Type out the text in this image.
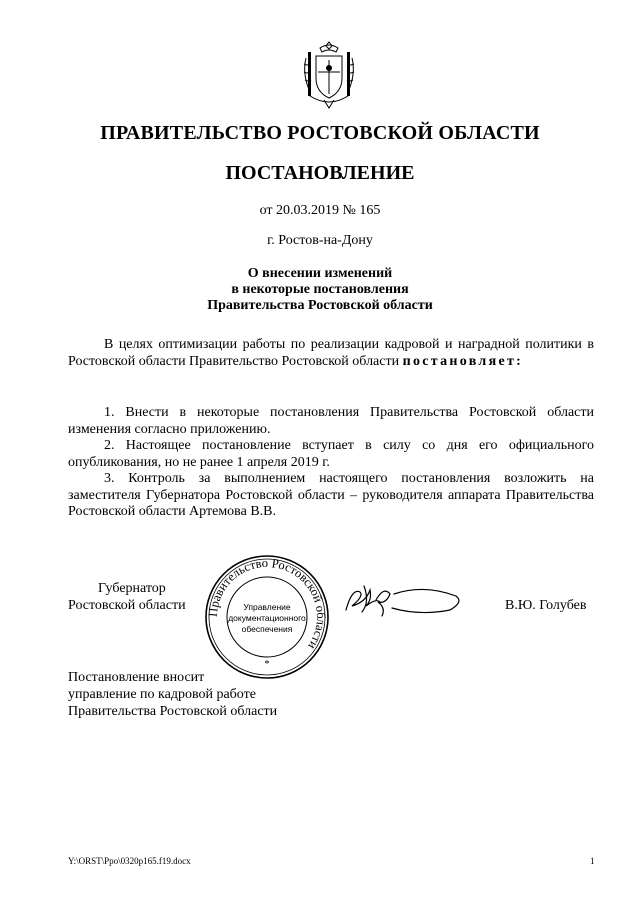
ПРАВИТЕЛЬСТВО РОСТОВСКОЙ ОБЛАСТИ
ПОСТАНОВЛЕНИЕ
от 20.03.2019 № 165
г. Ростов-на-Дону
О внесении изменений
в некоторые постановления
Правительства Ростовской области
В целях оптимизации работы по реализации кадровой и наградной политики в Ростовской области Правительство Ростовской области постановляет:

1. Внести в некоторые постановления Правительства Ростовской области изменения согласно приложению.

2. Настоящее постановление вступает в силу со дня его официального опубликования, но не ранее 1 апреля 2019 г.

3. Контроль за выполнением настоящего постановления возложить на заместителя Губернатора Ростовской области – руководителя аппарата Правительства Ростовской области Артемова В.В.

Губернатор
Ростовской области Правительство Ростовской области
Управление
документационного
обеспечения
*
В.Ю. Голубев
Постановление вносит
управление по кадровой работе
Правительства Ростовской области
Y:\ORST\Ppo\0320p165.f19.docx	1
